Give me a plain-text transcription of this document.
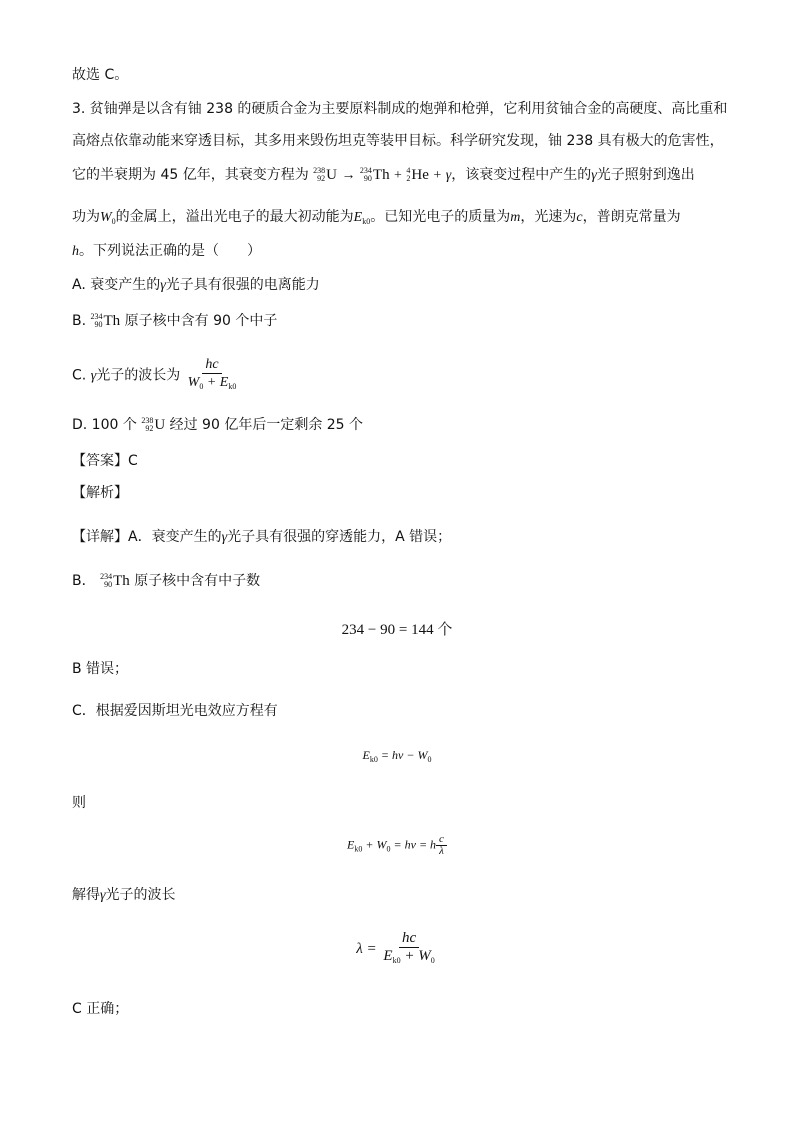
故选 C。
3. 贫铀弹是以含有铀 238 的硬质合金为主要原料制成的炮弹和枪弹，它利用贫铀合金的高硬度、高比重和
高熔点依靠动能来穿透目标，其多用来毁伤坦克等装甲目标。科学研究发现，铀 238 具有极大的危害性，
它的半衰期为 45 亿年，其衰变方程为 238
92 U → 234
90 Th + 4
2 He + γ，该衰变过程中产生的γ光子照射到逸出
功为$W_0$的金属上，溢出光电子的最大初动能为$E_{k0}$。已知光电子的质量为m，光速为c，普朗克常量为
h。下列说法正确的是（　　）
A. 衰变产生的γ光子具有很强的电离能力
B. 234
90 Th 原子核中含有 90 个中子
C. γ光子的波长为 $\frac{hc}{W_0 + E_{k0}}$
D. 100 个 238
92 U 经过 90 亿年后一定剩余 25 个
【答案】C
【解析】
【详解】A．衰变产生的γ光子具有很强的穿透能力，A 错误；
B． 234
90 Th 原子核中含有中子数
234 − 90 = 144 个
B 错误；
C．根据爱因斯坦光电效应方程有
$E_{k0} = h\nu - W_0$
则
$E_{k0} + W_0 = h\nu = h \frac{c}{\lambda}$
解得γ光子的波长
$\lambda = \frac{hc}{E_{k0} + W_0}$
C 正确；
